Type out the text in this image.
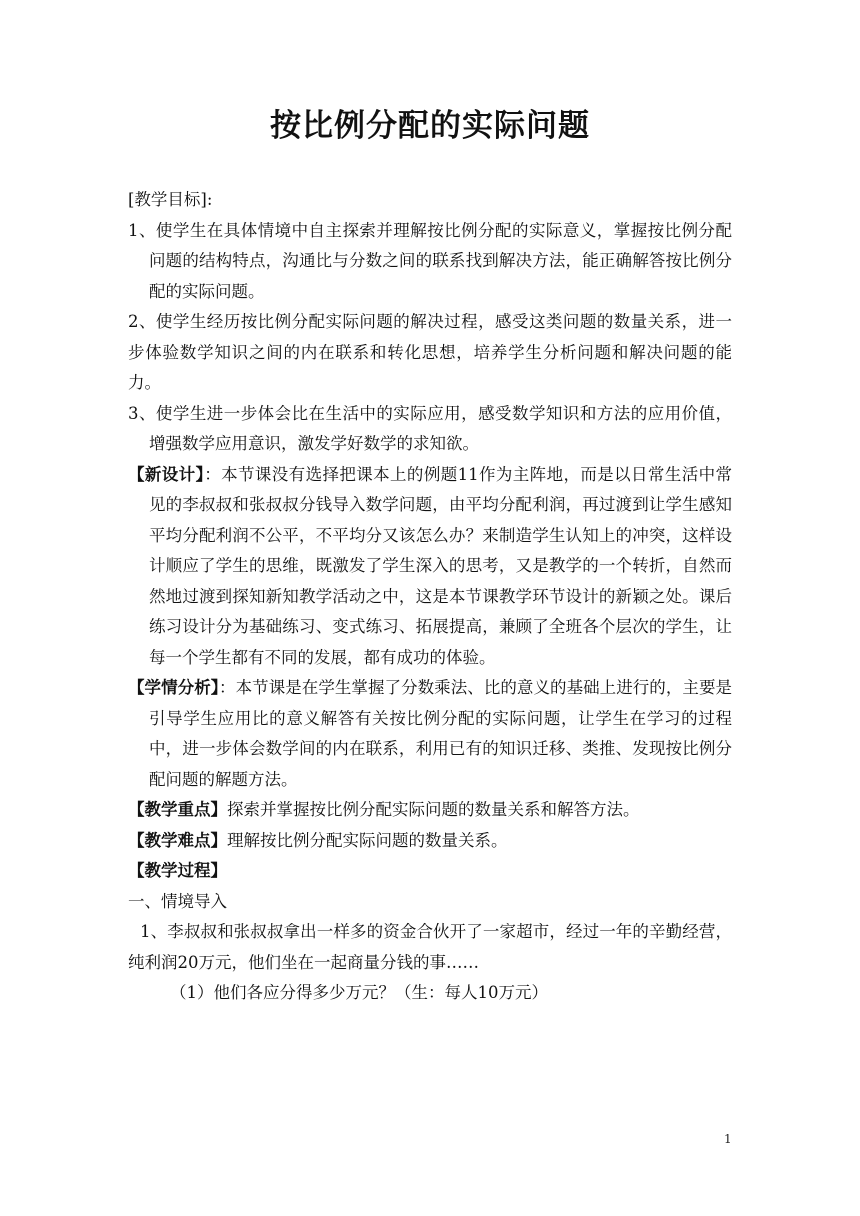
按比例分配的实际问题
[教学目标]:
1、使学生在具体情境中自主探索并理解按比例分配的实际意义，掌握按比例分配问题的结构特点，沟通比与分数之间的联系找到解决方法，能正确解答按比例分配的实际问题。
2、使学生经历按比例分配实际问题的解决过程，感受这类问题的数量关系，进一步体验数学知识之间的内在联系和转化思想，培养学生分析问题和解决问题的能力。
3、使学生进一步体会比在生活中的实际应用，感受数学知识和方法的应用价值，增强数学应用意识，激发学好数学的求知欲。
【新设计】：本节课没有选择把课本上的例题11作为主阵地，而是以日常生活中常见的李叔叔和张叔叔分钱导入数学问题，由平均分配利润，再过渡到让学生感知平均分配利润不公平，不平均分又该怎么办？来制造学生认知上的冲突，这样设计顺应了学生的思维，既激发了学生深入的思考，又是教学的一个转折，自然而然地过渡到探知新知教学活动之中，这是本节课教学环节设计的新颖之处。课后练习设计分为基础练习、变式练习、拓展提高，兼顾了全班各个层次的学生，让每一个学生都有不同的发展，都有成功的体验。
【学情分析】：本节课是在学生掌握了分数乘法、比的意义的基础上进行的，主要是引导学生应用比的意义解答有关按比例分配的实际问题，让学生在学习的过程中，进一步体会数学间的内在联系，利用已有的知识迁移、类推、发现按比例分配问题的解题方法。
【教学重点】探索并掌握按比例分配实际问题的数量关系和解答方法。
【教学难点】理解按比例分配实际问题的数量关系。
【教学过程】
一、情境导入
1、李叔叔和张叔叔拿出一样多的资金合伙开了一家超市，经过一年的辛勤经营，纯利润20万元，他们坐在一起商量分钱的事……
（1）他们各应分得多少万元？（生：每人10万元）
1
